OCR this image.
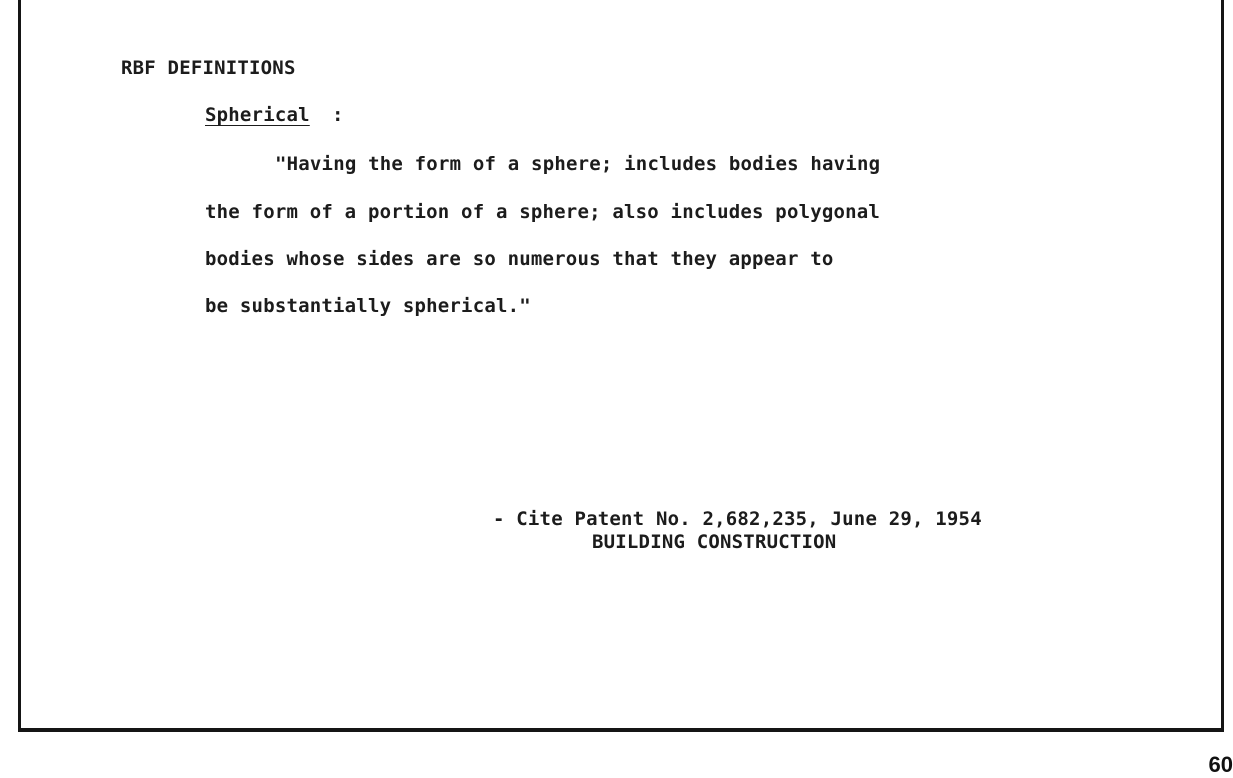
RBF DEFINITIONS
Spherical :
"Having the form of a sphere; includes bodies having
the form of a portion of a sphere; also includes polygonal
bodies whose sides are so numerous that they appear to
be substantially spherical."
- Cite Patent No. 2,682,235, June 29, 1954
BUILDING CONSTRUCTION
60
